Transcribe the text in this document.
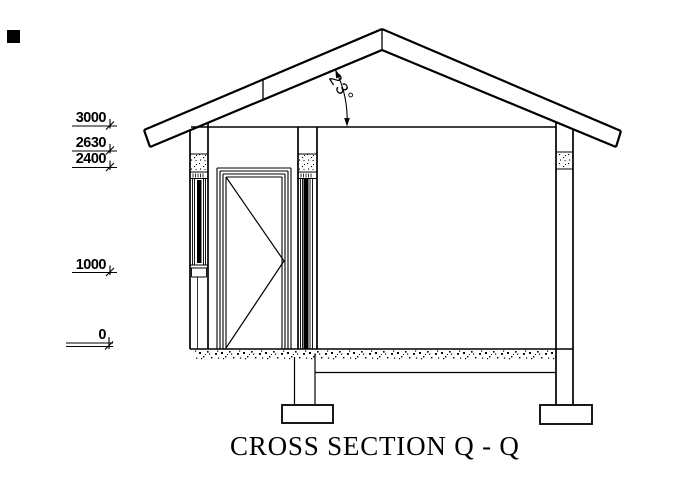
3000
2630
2400
1000
0
23°
CROSS SECTION Q - Q
